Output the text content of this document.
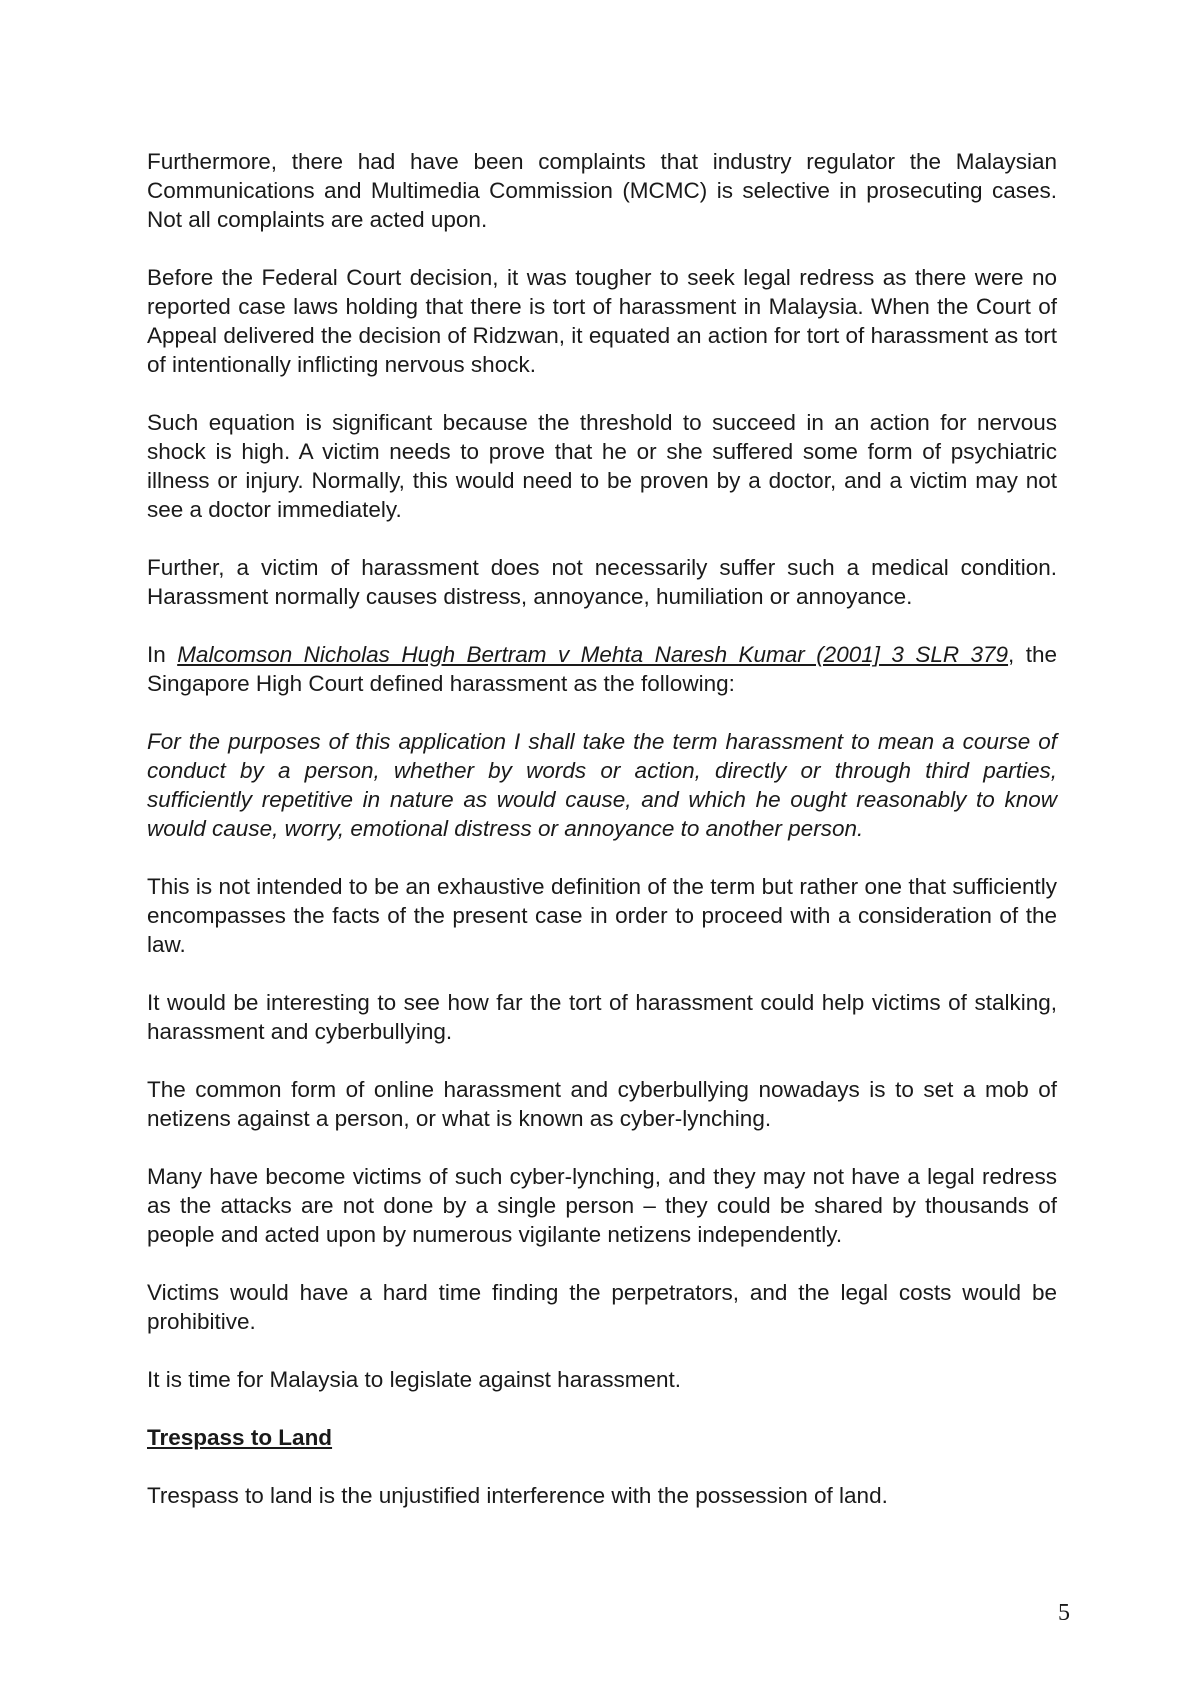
Furthermore, there had have been complaints that industry regulator the Malaysian Communications and Multimedia Commission (MCMC) is selective in prosecuting cases. Not all complaints are acted upon.

Before the Federal Court decision, it was tougher to seek legal redress as there were no reported case laws holding that there is tort of harassment in Malaysia. When the Court of Appeal delivered the decision of Ridzwan, it equated an action for tort of harassment as tort of intentionally inflicting nervous shock.

Such equation is significant because the threshold to succeed in an action for nervous shock is high. A victim needs to prove that he or she suffered some form of psychiatric illness or injury. Normally, this would need to be proven by a doctor, and a victim may not see a doctor immediately.

Further, a victim of harassment does not necessarily suffer such a medical condition. Harassment normally causes distress, annoyance, humiliation or annoyance.

In Malcomson Nicholas Hugh Bertram v Mehta Naresh Kumar (2001] 3 SLR 379, the Singapore High Court defined harassment as the following:

For the purposes of this application I shall take the term harassment to mean a course of conduct by a person, whether by words or action, directly or through third parties, sufficiently repetitive in nature as would cause, and which he ought reasonably to know would cause, worry, emotional distress or annoyance to another person.

This is not intended to be an exhaustive definition of the term but rather one that sufficiently encompasses the facts of the present case in order to proceed with a consideration of the law.

It would be interesting to see how far the tort of harassment could help victims of stalking, harassment and cyberbullying.

The common form of online harassment and cyberbullying nowadays is to set a mob of netizens against a person, or what is known as cyber-lynching.

Many have become victims of such cyber-lynching, and they may not have a legal redress as the attacks are not done by a single person – they could be shared by thousands of people and acted upon by numerous vigilante netizens independently.

Victims would have a hard time finding the perpetrators, and the legal costs would be prohibitive.

It is time for Malaysia to legislate against harassment.

Trespass to Land

Trespass to land is the unjustified interference with the possession of land.

5
